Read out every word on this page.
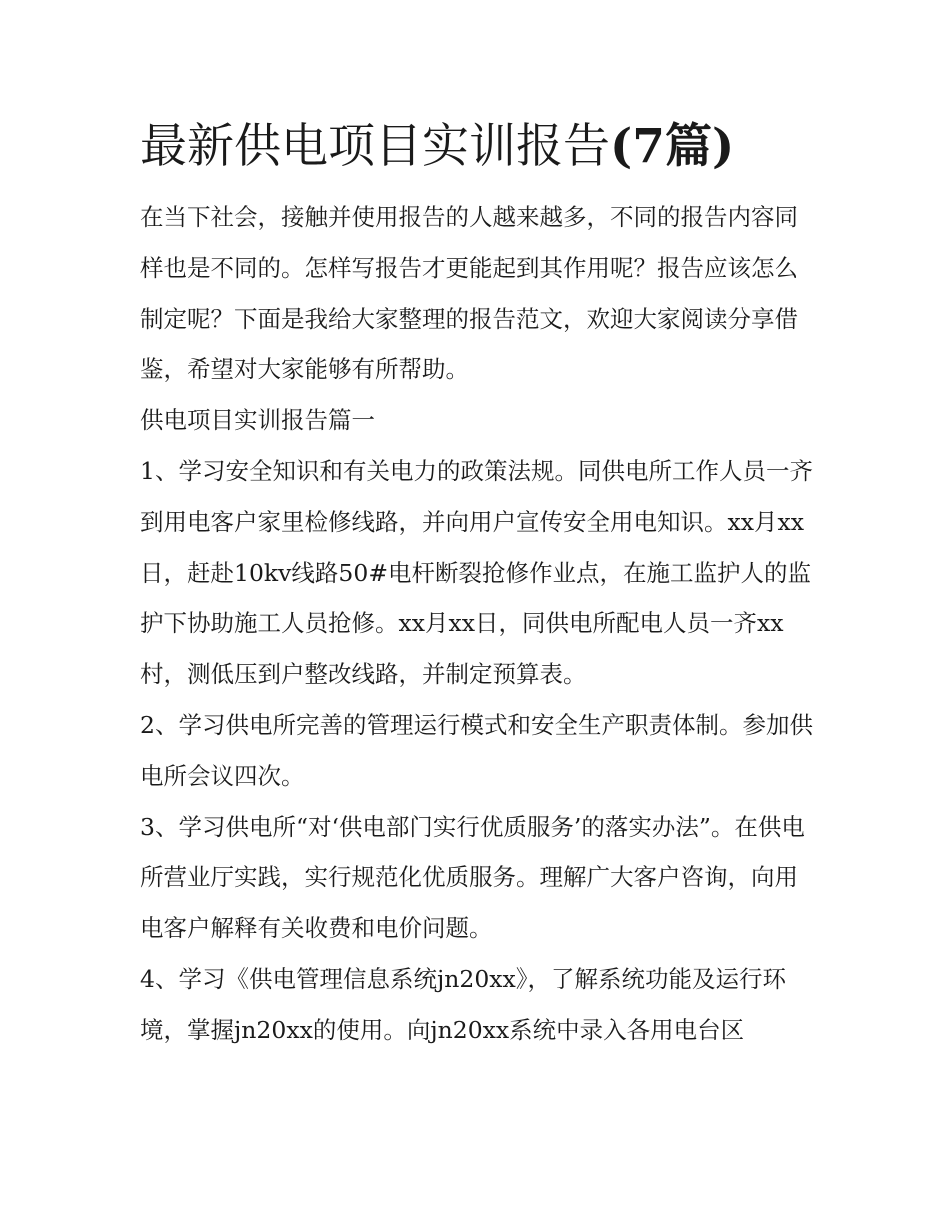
最新供电项目实训报告(7篇)

在当下社会，接触并使用报告的人越来越多，不同的报告内容同样也是不同的。怎样写报告才更能起到其作用呢？报告应该怎么制定呢？下面是我给大家整理的报告范文，欢迎大家阅读分享借鉴，希望对大家能够有所帮助。

供电项目实训报告篇一

1、学习安全知识和有关电力的政策法规。同供电所工作人员一齐到用电客户家里检修线路，并向用户宣传安全用电知识。xx月xx日，赶赴10kv线路50#电杆断裂抢修作业点，在施工监护人的监护下协助施工人员抢修。xx月xx日，同供电所配电人员一齐xx村，测低压到户整改线路，并制定预算表。

2、学习供电所完善的管理运行模式和安全生产职责体制。参加供电所会议四次。

3、学习供电所“对‘供电部门实行优质服务’的落实办法”。在供电所营业厅实践，实行规范化优质服务。理解广大客户咨询，向用电客户解释有关收费和电价问题。

4、学习《供电管理信息系统jn20xx》，了解系统功能及运行环境，掌握jn20xx的使用。向jn20xx系统中录入各用电台区
